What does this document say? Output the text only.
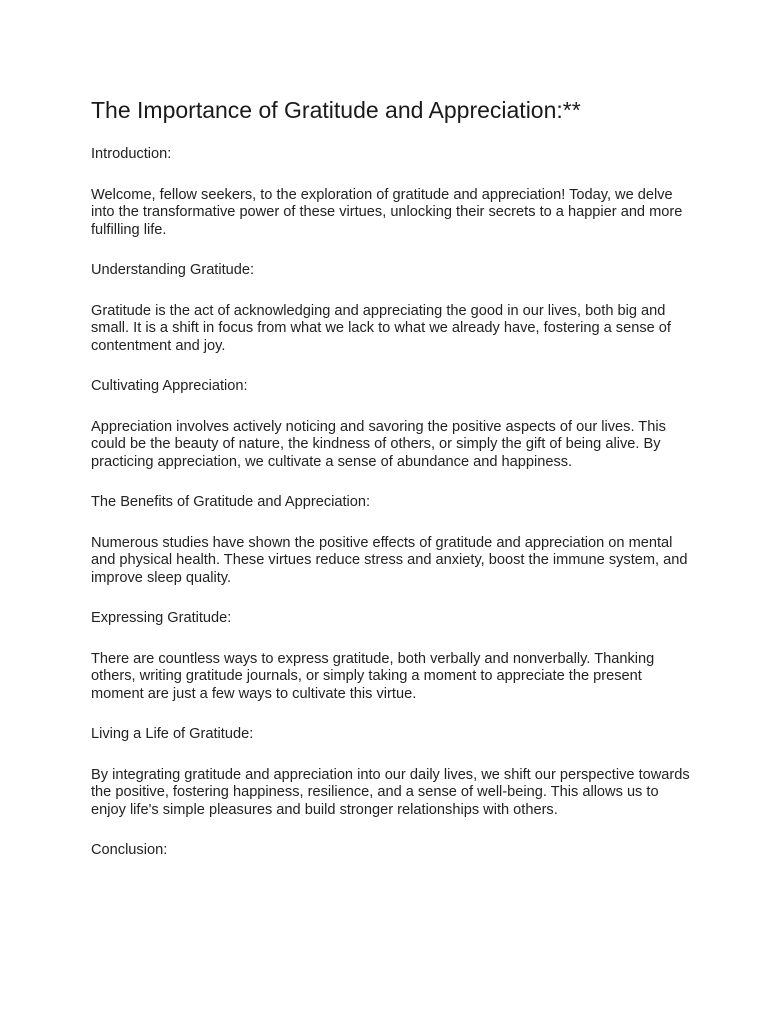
The Importance of Gratitude and Appreciation:**
Introduction:

Welcome, fellow seekers, to the exploration of gratitude and appreciation! Today, we delve into the transformative power of these virtues, unlocking their secrets to a happier and more fulfilling life.

Understanding Gratitude:

Gratitude is the act of acknowledging and appreciating the good in our lives, both big and small. It is a shift in focus from what we lack to what we already have, fostering a sense of contentment and joy.

Cultivating Appreciation:

Appreciation involves actively noticing and savoring the positive aspects of our lives. This could be the beauty of nature, the kindness of others, or simply the gift of being alive. By practicing appreciation, we cultivate a sense of abundance and happiness.

The Benefits of Gratitude and Appreciation:

Numerous studies have shown the positive effects of gratitude and appreciation on mental and physical health. These virtues reduce stress and anxiety, boost the immune system, and improve sleep quality.

Expressing Gratitude:

There are countless ways to express gratitude, both verbally and nonverbally. Thanking others, writing gratitude journals, or simply taking a moment to appreciate the present moment are just a few ways to cultivate this virtue.

Living a Life of Gratitude:

By integrating gratitude and appreciation into our daily lives, we shift our perspective towards the positive, fostering happiness, resilience, and a sense of well-being. This allows us to enjoy life's simple pleasures and build stronger relationships with others.

Conclusion:
